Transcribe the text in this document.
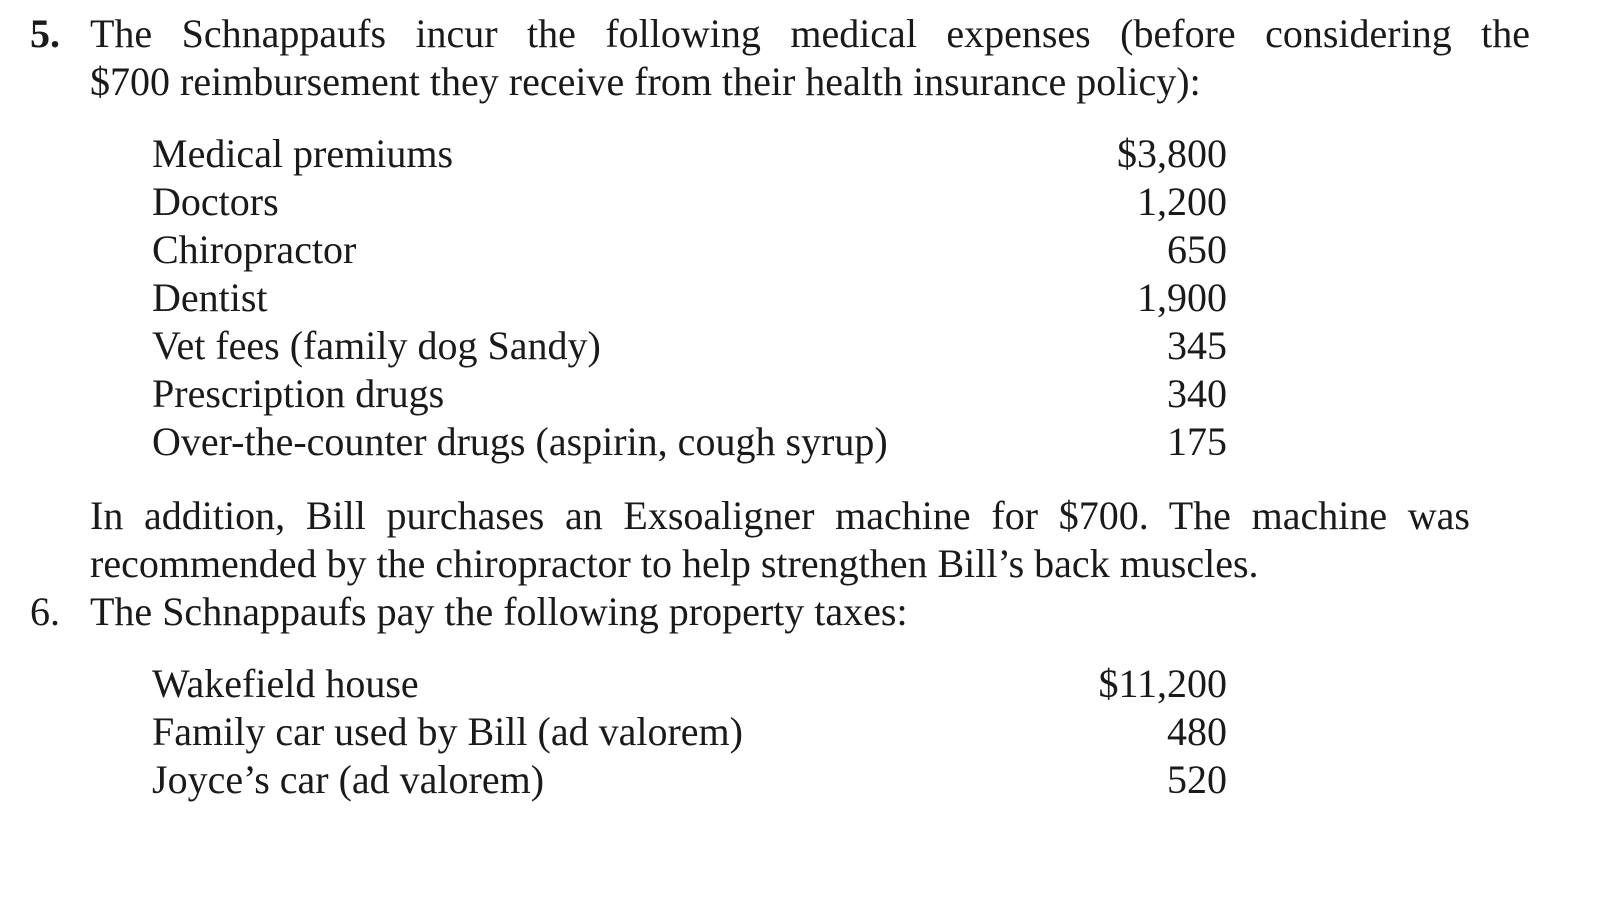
5. The Schnappaufs incur the following medical expenses (before considering the
$700 reimbursement they receive from their health insurance policy):
Medical premiums	$3,800
Doctors	1,200
Chiropractor	650
Dentist	1,900
Vet fees (family dog Sandy)	345
Prescription drugs	340
Over-the-counter drugs (aspirin, cough syrup)	175
In addition, Bill purchases an Exsoaligner machine for $700. The machine was
recommended by the chiropractor to help strengthen Bill’s back muscles.
6. The Schnappaufs pay the following property taxes:
Wakefield house	$11,200
Family car used by Bill (ad valorem)	480
Joyce’s car (ad valorem)	520
